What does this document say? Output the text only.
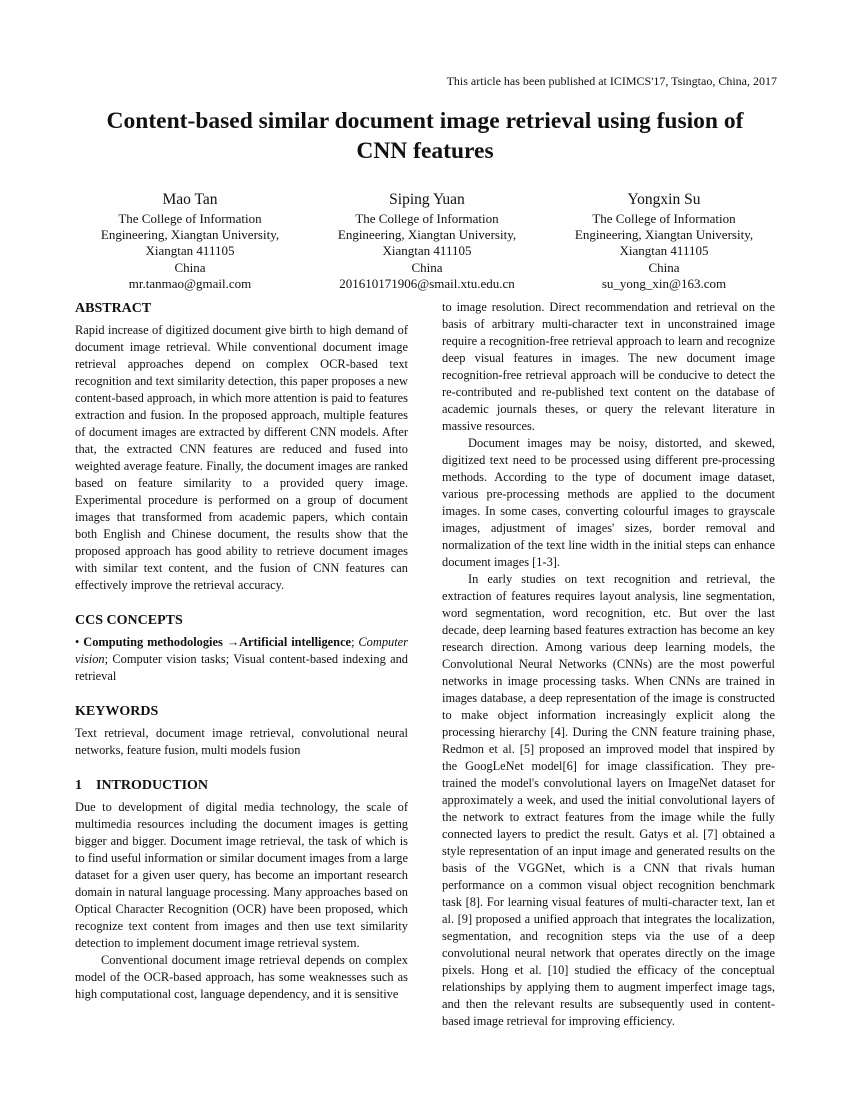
This article has been published at ICIMCS'17, Tsingtao, China, 2017
Content-based similar document image retrieval using fusion of CNN features
Mao Tan
The College of Information
Engineering, Xiangtan University,
Xiangtan 411105
China
mr.tanmao@gmail.com
Siping Yuan
The College of Information
Engineering, Xiangtan University,
Xiangtan 411105
China
201610171906@smail.xtu.edu.cn
Yongxin Su
The College of Information
Engineering, Xiangtan University,
Xiangtan 411105
China
su_yong_xin@163.com
ABSTRACT

Rapid increase of digitized document give birth to high demand of document image retrieval. While conventional document image retrieval approaches depend on complex OCR-based text recognition and text similarity detection, this paper proposes a new content-based approach, in which more attention is paid to features extraction and fusion. In the proposed approach, multiple features of document images are extracted by different CNN models. After that, the extracted CNN features are reduced and fused into weighted average feature. Finally, the document images are ranked based on feature similarity to a provided query image. Experimental procedure is performed on a group of document images that transformed from academic papers, which contain both English and Chinese document, the results show that the proposed approach has good ability to retrieve document images with similar text content, and the fusion of CNN features can effectively improve the retrieval accuracy.

CCS CONCEPTS

• Computing methodologies →Artificial intelligence; Computer vision; Computer vision tasks; Visual content-based indexing and retrieval

KEYWORDS

Text retrieval, document image retrieval, convolutional neural networks, feature fusion, multi models fusion

1 INTRODUCTION

Due to development of digital media technology, the scale of multimedia resources including the document images is getting bigger and bigger. Document image retrieval, the task of which is to find useful information or similar document images from a large dataset for a given user query, has become an important research domain in natural language processing. Many approaches based on Optical Character Recognition (OCR) have been proposed, which recognize text content from images and then use text similarity detection to implement document image retrieval system.

Conventional document image retrieval depends on complex model of the OCR-based approach, has some weaknesses such as high computational cost, language dependency, and it is sensitive

to image resolution. Direct recommendation and retrieval on the basis of arbitrary multi-character text in unconstrained image require a recognition-free retrieval approach to learn and recognize deep visual features in images. The new document image recognition-free retrieval approach will be conducive to detect the re-contributed and re-published text content on the database of academic journals theses, or query the relevant literature in massive resources.

Document images may be noisy, distorted, and skewed, digitized text need to be processed using different pre-processing methods. According to the type of document image dataset, various pre-processing methods are applied to the document images. In some cases, converting colourful images to grayscale images, adjustment of images' sizes, border removal and normalization of the text line width in the initial steps can enhance document images [1-3].

In early studies on text recognition and retrieval, the extraction of features requires layout analysis, line segmentation, word segmentation, word recognition, etc. But over the last decade, deep learning based features extraction has become an key research direction. Among various deep learning models, the Convolutional Neural Networks (CNNs) are the most powerful networks in image processing tasks. When CNNs are trained in images database, a deep representation of the image is constructed to make object information increasingly explicit along the processing hierarchy [4]. During the CNN feature training phase, Redmon et al. [5] proposed an improved model that inspired by the GoogLeNet model[6] for image classification. They pre-trained the model's convolutional layers on ImageNet dataset for approximately a week, and used the initial convolutional layers of the network to extract features from the image while the fully connected layers to predict the result. Gatys et al. [7] obtained a style representation of an input image and generated results on the basis of the VGGNet, which is a CNN that rivals human performance on a common visual object recognition benchmark task [8]. For learning visual features of multi-character text, Ian et al. [9] proposed a unified approach that integrates the localization, segmentation, and recognition steps via the use of a deep convolutional neural network that operates directly on the image pixels. Hong et al. [10] studied the efficacy of the conceptual relationships by applying them to augment imperfect image tags, and then the relevant results are subsequently used in content-based image retrieval for improving efficiency.
